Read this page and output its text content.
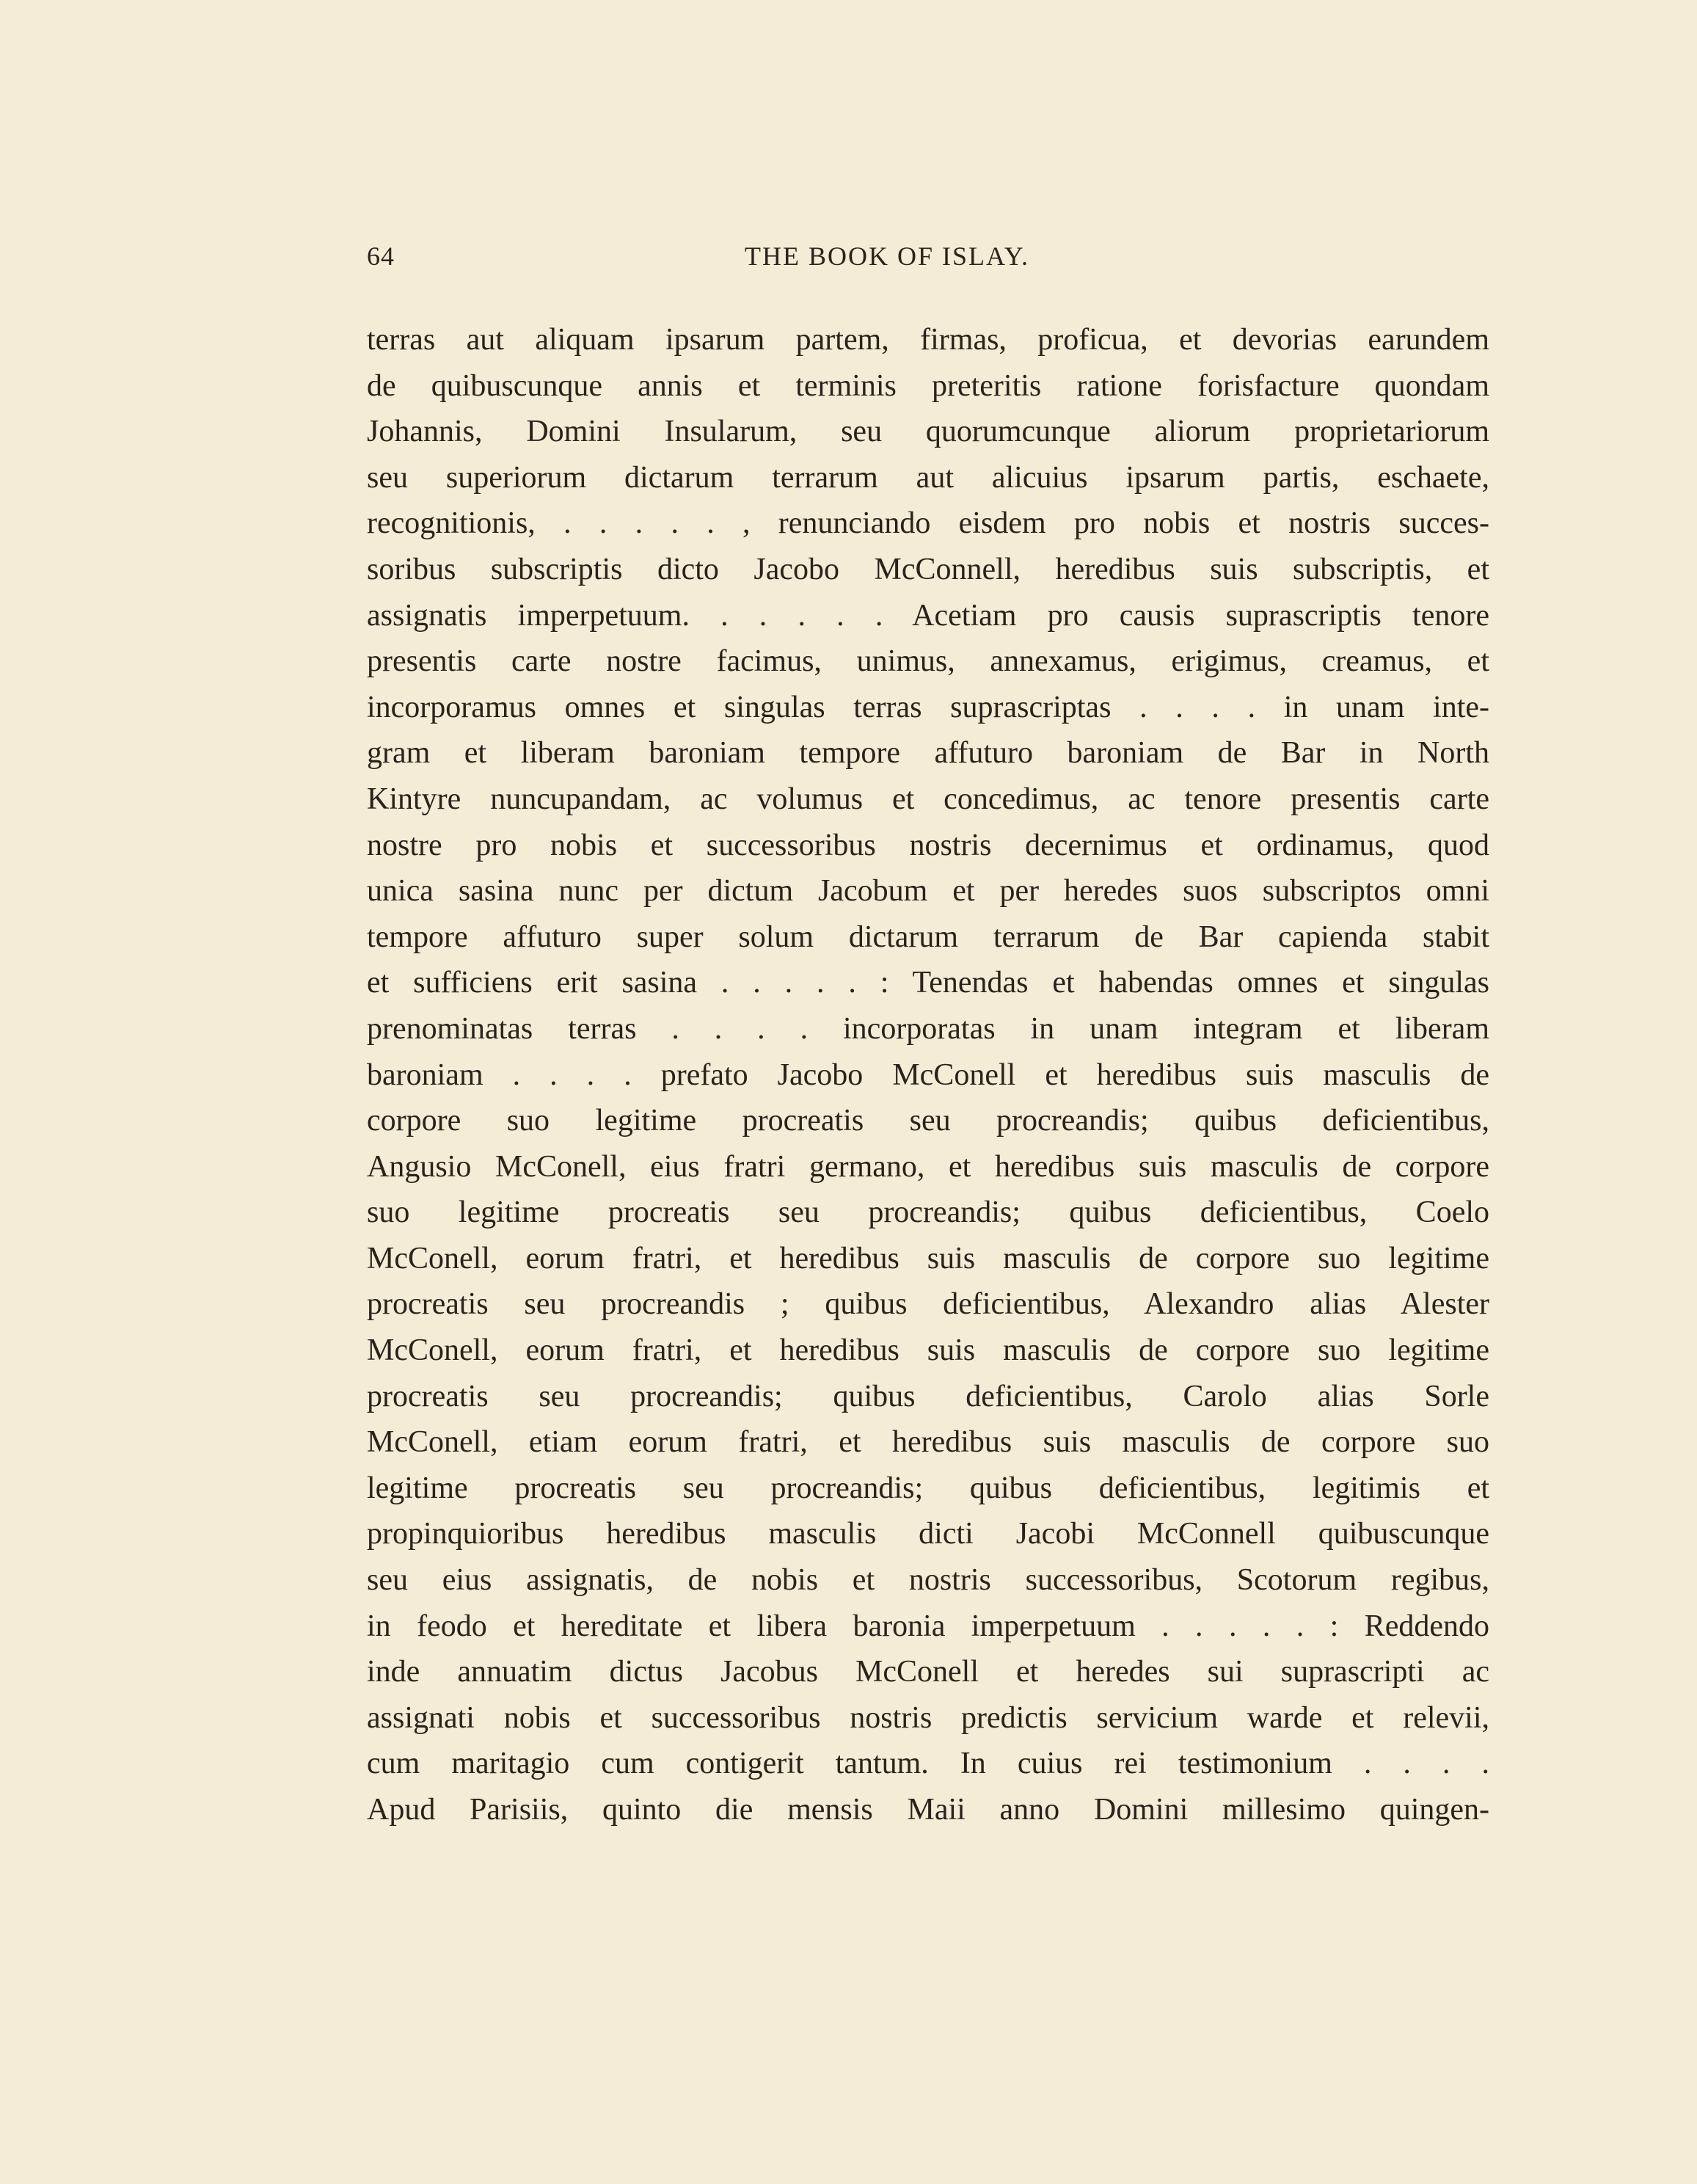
64	THE BOOK OF ISLAY.
terras aut aliquam ipsarum partem, firmas, proficua, et devorias earundem
de quibuscunque annis et terminis preteritis ratione forisfacture quondam
Johannis, Domini Insularum, seu quorumcunque aliorum proprietariorum
seu superiorum dictarum terrarum aut alicuius ipsarum partis, eschaete,
recognitionis, . . . . . , renunciando eisdem pro nobis et nostris succes-
soribus subscriptis dicto Jacobo McConnell, heredibus suis subscriptis, et
assignatis imperpetuum. . . . . . Acetiam pro causis suprascriptis tenore
presentis carte nostre facimus, unimus, annexamus, erigimus, creamus, et
incorporamus omnes et singulas terras suprascriptas . . . . in unam inte-
gram et liberam baroniam tempore affuturo baroniam de Bar in North
Kintyre nuncupandam, ac volumus et concedimus, ac tenore presentis carte
nostre pro nobis et successoribus nostris decernimus et ordinamus, quod
unica sasina nunc per dictum Jacobum et per heredes suos subscriptos omni
tempore affuturo super solum dictarum terrarum de Bar capienda stabit
et sufficiens erit sasina . . . . . : Tenendas et habendas omnes et singulas
prenominatas terras . . . . incorporatas in unam integram et liberam
baroniam . . . . prefato Jacobo McConell et heredibus suis masculis de
corpore suo legitime procreatis seu procreandis; quibus deficientibus,
Angusio McConell, eius fratri germano, et heredibus suis masculis de corpore
suo legitime procreatis seu procreandis; quibus deficientibus, Coelo
McConell, eorum fratri, et heredibus suis masculis de corpore suo legitime
procreatis seu procreandis ; quibus deficientibus, Alexandro alias Alester
McConell, eorum fratri, et heredibus suis masculis de corpore suo legitime
procreatis seu procreandis; quibus deficientibus, Carolo alias Sorle
McConell, etiam eorum fratri, et heredibus suis masculis de corpore suo
legitime procreatis seu procreandis; quibus deficientibus, legitimis et
propinquioribus heredibus masculis dicti Jacobi McConnell quibuscunque
seu eius assignatis, de nobis et nostris successoribus, Scotorum regibus,
in feodo et hereditate et libera baronia imperpetuum . . . . . : Reddendo
inde annuatim dictus Jacobus McConell et heredes sui suprascripti ac
assignati nobis et successoribus nostris predictis servicium warde et relevii,
cum maritagio cum contigerit tantum. In cuius rei testimonium . . . .
Apud Parisiis, quinto die mensis Maii anno Domini millesimo quingen-
